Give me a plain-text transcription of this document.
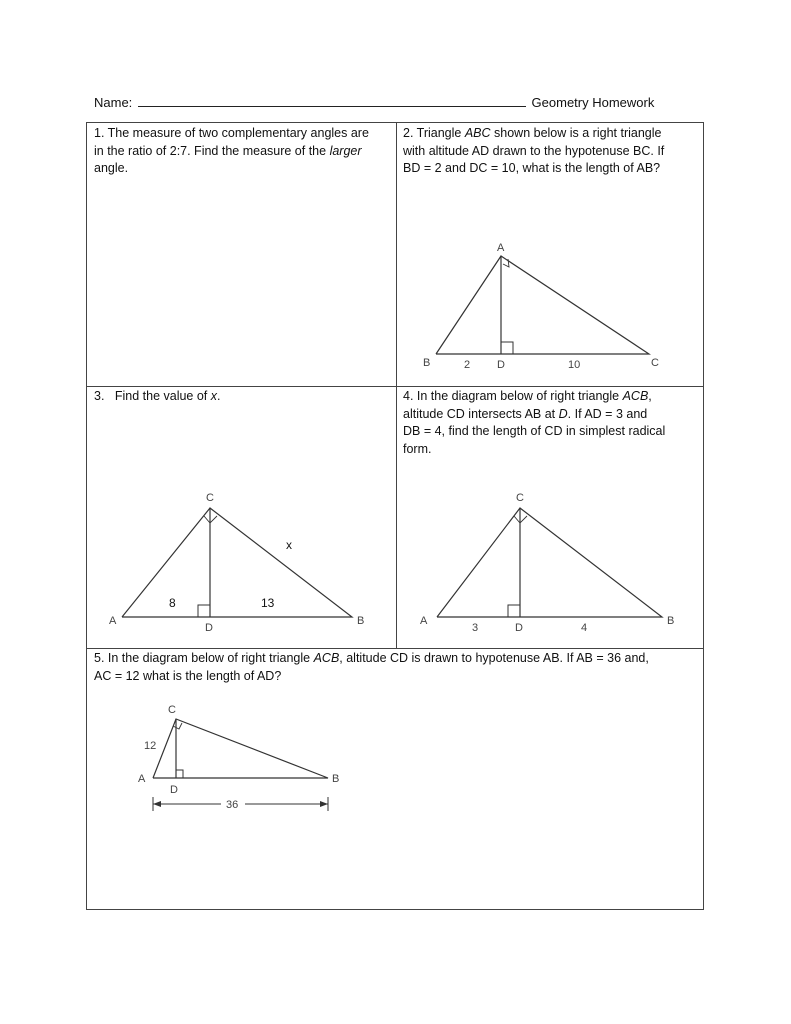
Name:	Geometry Homework
1. The measure of two complementary angles are
in the ratio of 2:7. Find the measure of the larger
angle.
2. Triangle ABC shown below is a right triangle
with altitude AD drawn to the hypotenuse BC. If
BD = 2 and DC = 10, what is the length of AB?
A
B	C
D
2	10
3. Find the value of x.
C
A	B
D
x
8	13
4. In the diagram below of right triangle ACB,
altitude CD intersects AB at D. If AD = 3 and
DB = 4, find the length of CD in simplest radical
form.
C
A	B
D
3	4
5. In the diagram below of right triangle ACB, altitude CD is drawn to hypotenuse AB. If AB = 36 and,
AC = 12 what is the length of AD?
C
A	B
D
12
36
